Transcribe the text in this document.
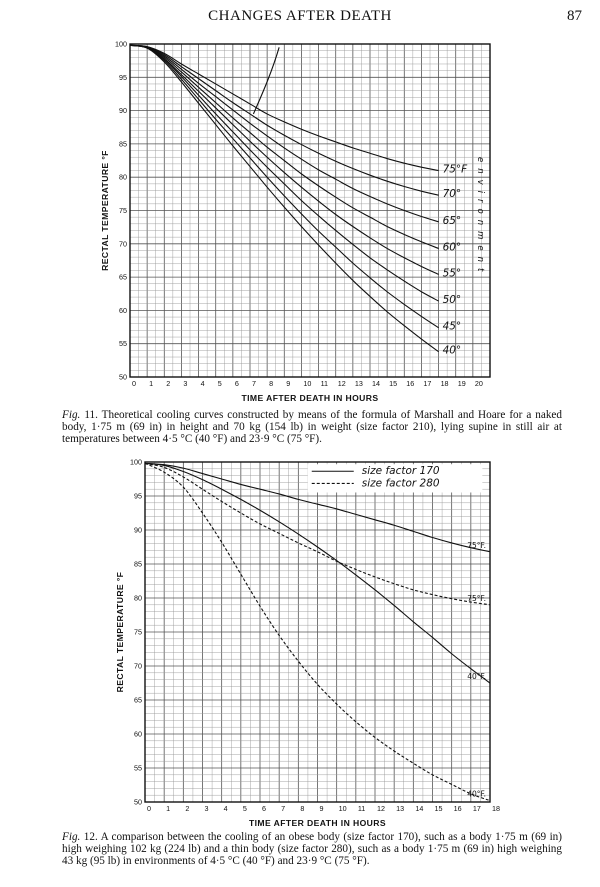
CHANGES AFTER DEATH	87
0 1 2 3 4 5 6 7 8 9 10 11 12 13 14 15 16 17 18 19 20
100
95
90
85
80
75
70
65
60
55
50
TIME AFTER DEATH IN HOURS
RECTAL TEMPERATURE °F	75°F
70°
65°
60°
55°
50°
45°
40°
environment
Fig. 11. Theoretical cooling curves constructed by means of the formula of Marshall and Hoare for a naked body, 1·75 m (69 in) in height and 70 kg (154 lb) in weight (size factor 210), lying supine in still air at temperatures between 4·5 °C (40 °F) and 23·9 °C (75 °F).
0 1 2 3 4 5 6 7 8 9 10 11 12 13 14 15 16 17 18
100
95
90
85
80
75
70
65
60
55
50
TIME AFTER DEATH IN HOURS
RECTAL TEMPERATURE °F
75°F.
75°F.
40°F.
40°F.
size factor 170
size factor 280
Fig. 12. A comparison between the cooling of an obese body (size factor 170), such as a body 1·75 m (69 in) high weighing 102 kg (224 lb) and a thin body (size factor 280), such as a body 1·75 m (69 in) high weighing 43 kg (95 lb) in environments of 4·5 °C (40 °F) and 23·9 °C (75 °F).
